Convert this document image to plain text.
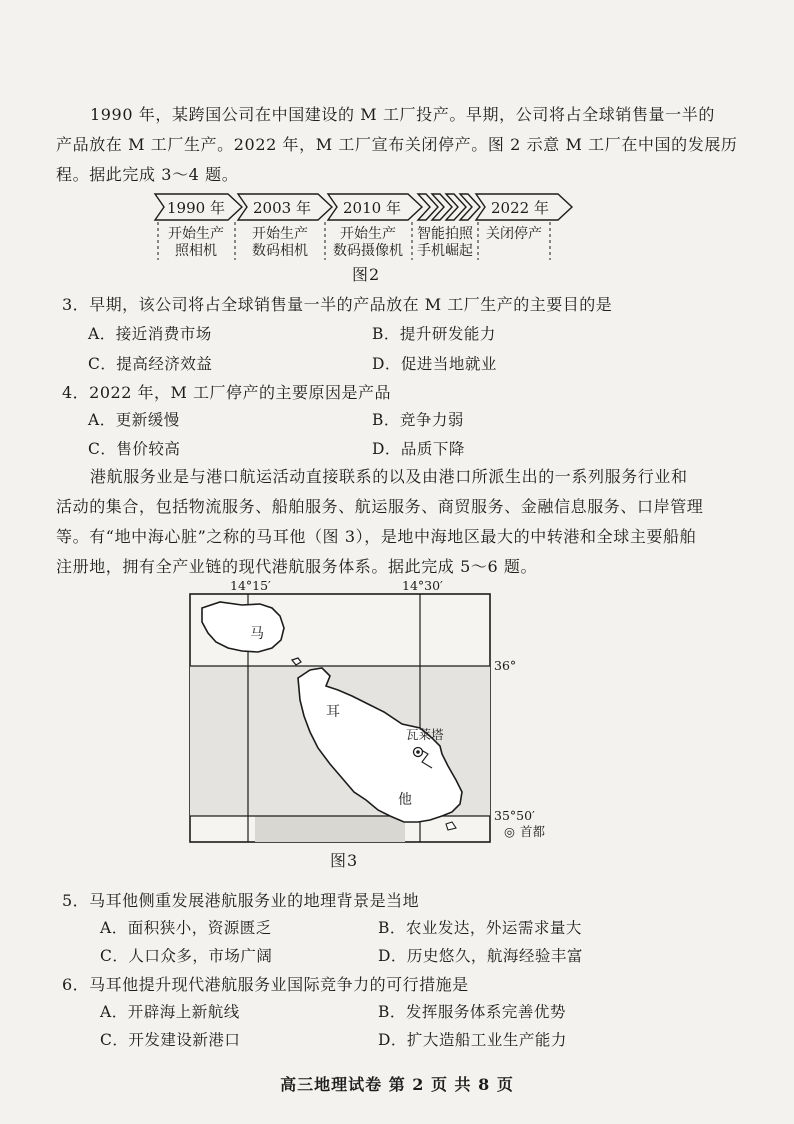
1990 年，某跨国公司在中国建设的 M 工厂投产。早期，公司将占全球销售量一半的
产品放在 M 工厂生产。2022 年，M 工厂宣布关闭停产。图 2 示意 M 工厂在中国的发展历
程。据此完成 3～4 题。
1990 年 2003 年 2010 年	2022 年
开始生产
照相机
开始生产
数码相机
开始生产
数码摄像机
智能拍照
手机崛起
关闭停产
图2
3．早期，该公司将占全球销售量一半的产品放在 M 工厂生产的主要目的是
A．接近消费市场	B．提升研发能力
C．提高经济效益	D．促进当地就业
4．2022 年，M 工厂停产的主要原因是产品
A．更新缓慢	B．竞争力弱
C．售价较高	D．品质下降
港航服务业是与港口航运活动直接联系的以及由港口所派生出的一系列服务行业和
活动的集合，包括物流服务、船舶服务、航运服务、商贸服务、金融信息服务、口岸管理
等。有“地中海心脏”之称的马耳他（图 3），是地中海地区最大的中转港和全球主要船舶
注册地，拥有全产业链的现代港航服务体系。据此完成 5～6 题。
瓦莱塔
马
耳
他
14°15′	14°30′
36°
35°50′
◎ 首都
图3
5．马耳他侧重发展港航服务业的地理背景是当地
A．面积狭小，资源匮乏	B．农业发达，外运需求量大
C．人口众多，市场广阔	D．历史悠久，航海经验丰富
6．马耳他提升现代港航服务业国际竞争力的可行措施是
A．开辟海上新航线	B．发挥服务体系完善优势
C．开发建设新港口	D．扩大造船工业生产能力
高三地理试卷 第 2 页 共 8 页
